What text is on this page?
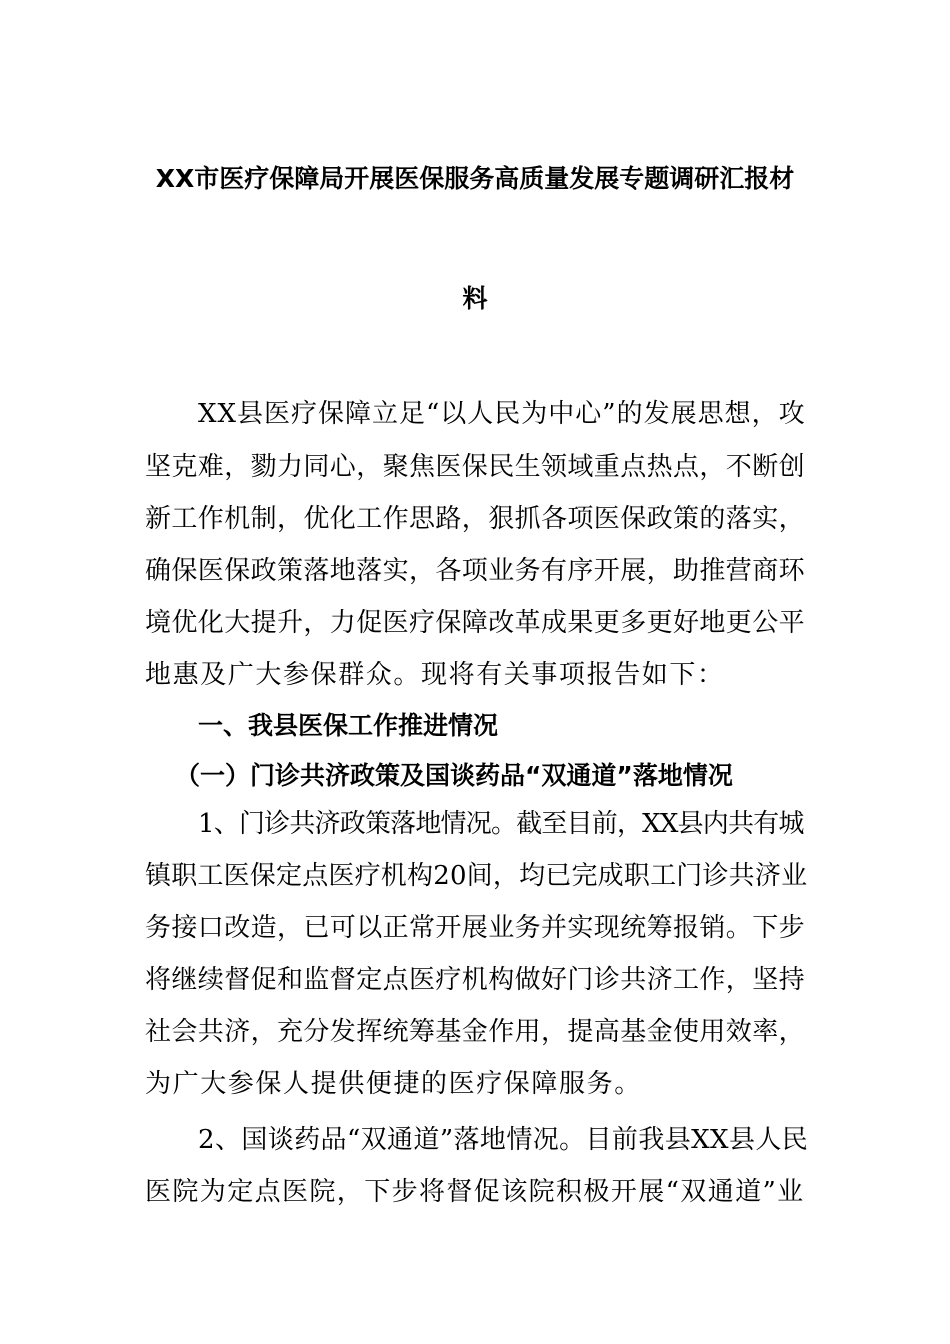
XX市医疗保障局开展医保服务高质量发展专题调研汇报材
料
XX县医疗保障立足“以人民为中心”的发展思想，攻
坚克难，勠力同心，聚焦医保民生领域重点热点，不断创
新工作机制，优化工作思路，狠抓各项医保政策的落实，
确保医保政策落地落实，各项业务有序开展，助推营商环
境优化大提升，力促医疗保障改革成果更多更好地更公平
地惠及广大参保群众。现将有关事项报告如下：
一、我县医保工作推进情况
（一）门诊共济政策及国谈药品“双通道”落地情况
1、门诊共济政策落地情况。截至目前，XX县内共有城
镇职工医保定点医疗机构20间，均已完成职工门诊共济业
务接口改造，已可以正常开展业务并实现统筹报销。下步
将继续督促和监督定点医疗机构做好门诊共济工作，坚持
社会共济，充分发挥统筹基金作用，提高基金使用效率，
为广大参保人提供便捷的医疗保障服务。
2、国谈药品“双通道”落地情况。目前我县XX县人民
医院为定点医院，下步将督促该院积极开展“双通道”业
